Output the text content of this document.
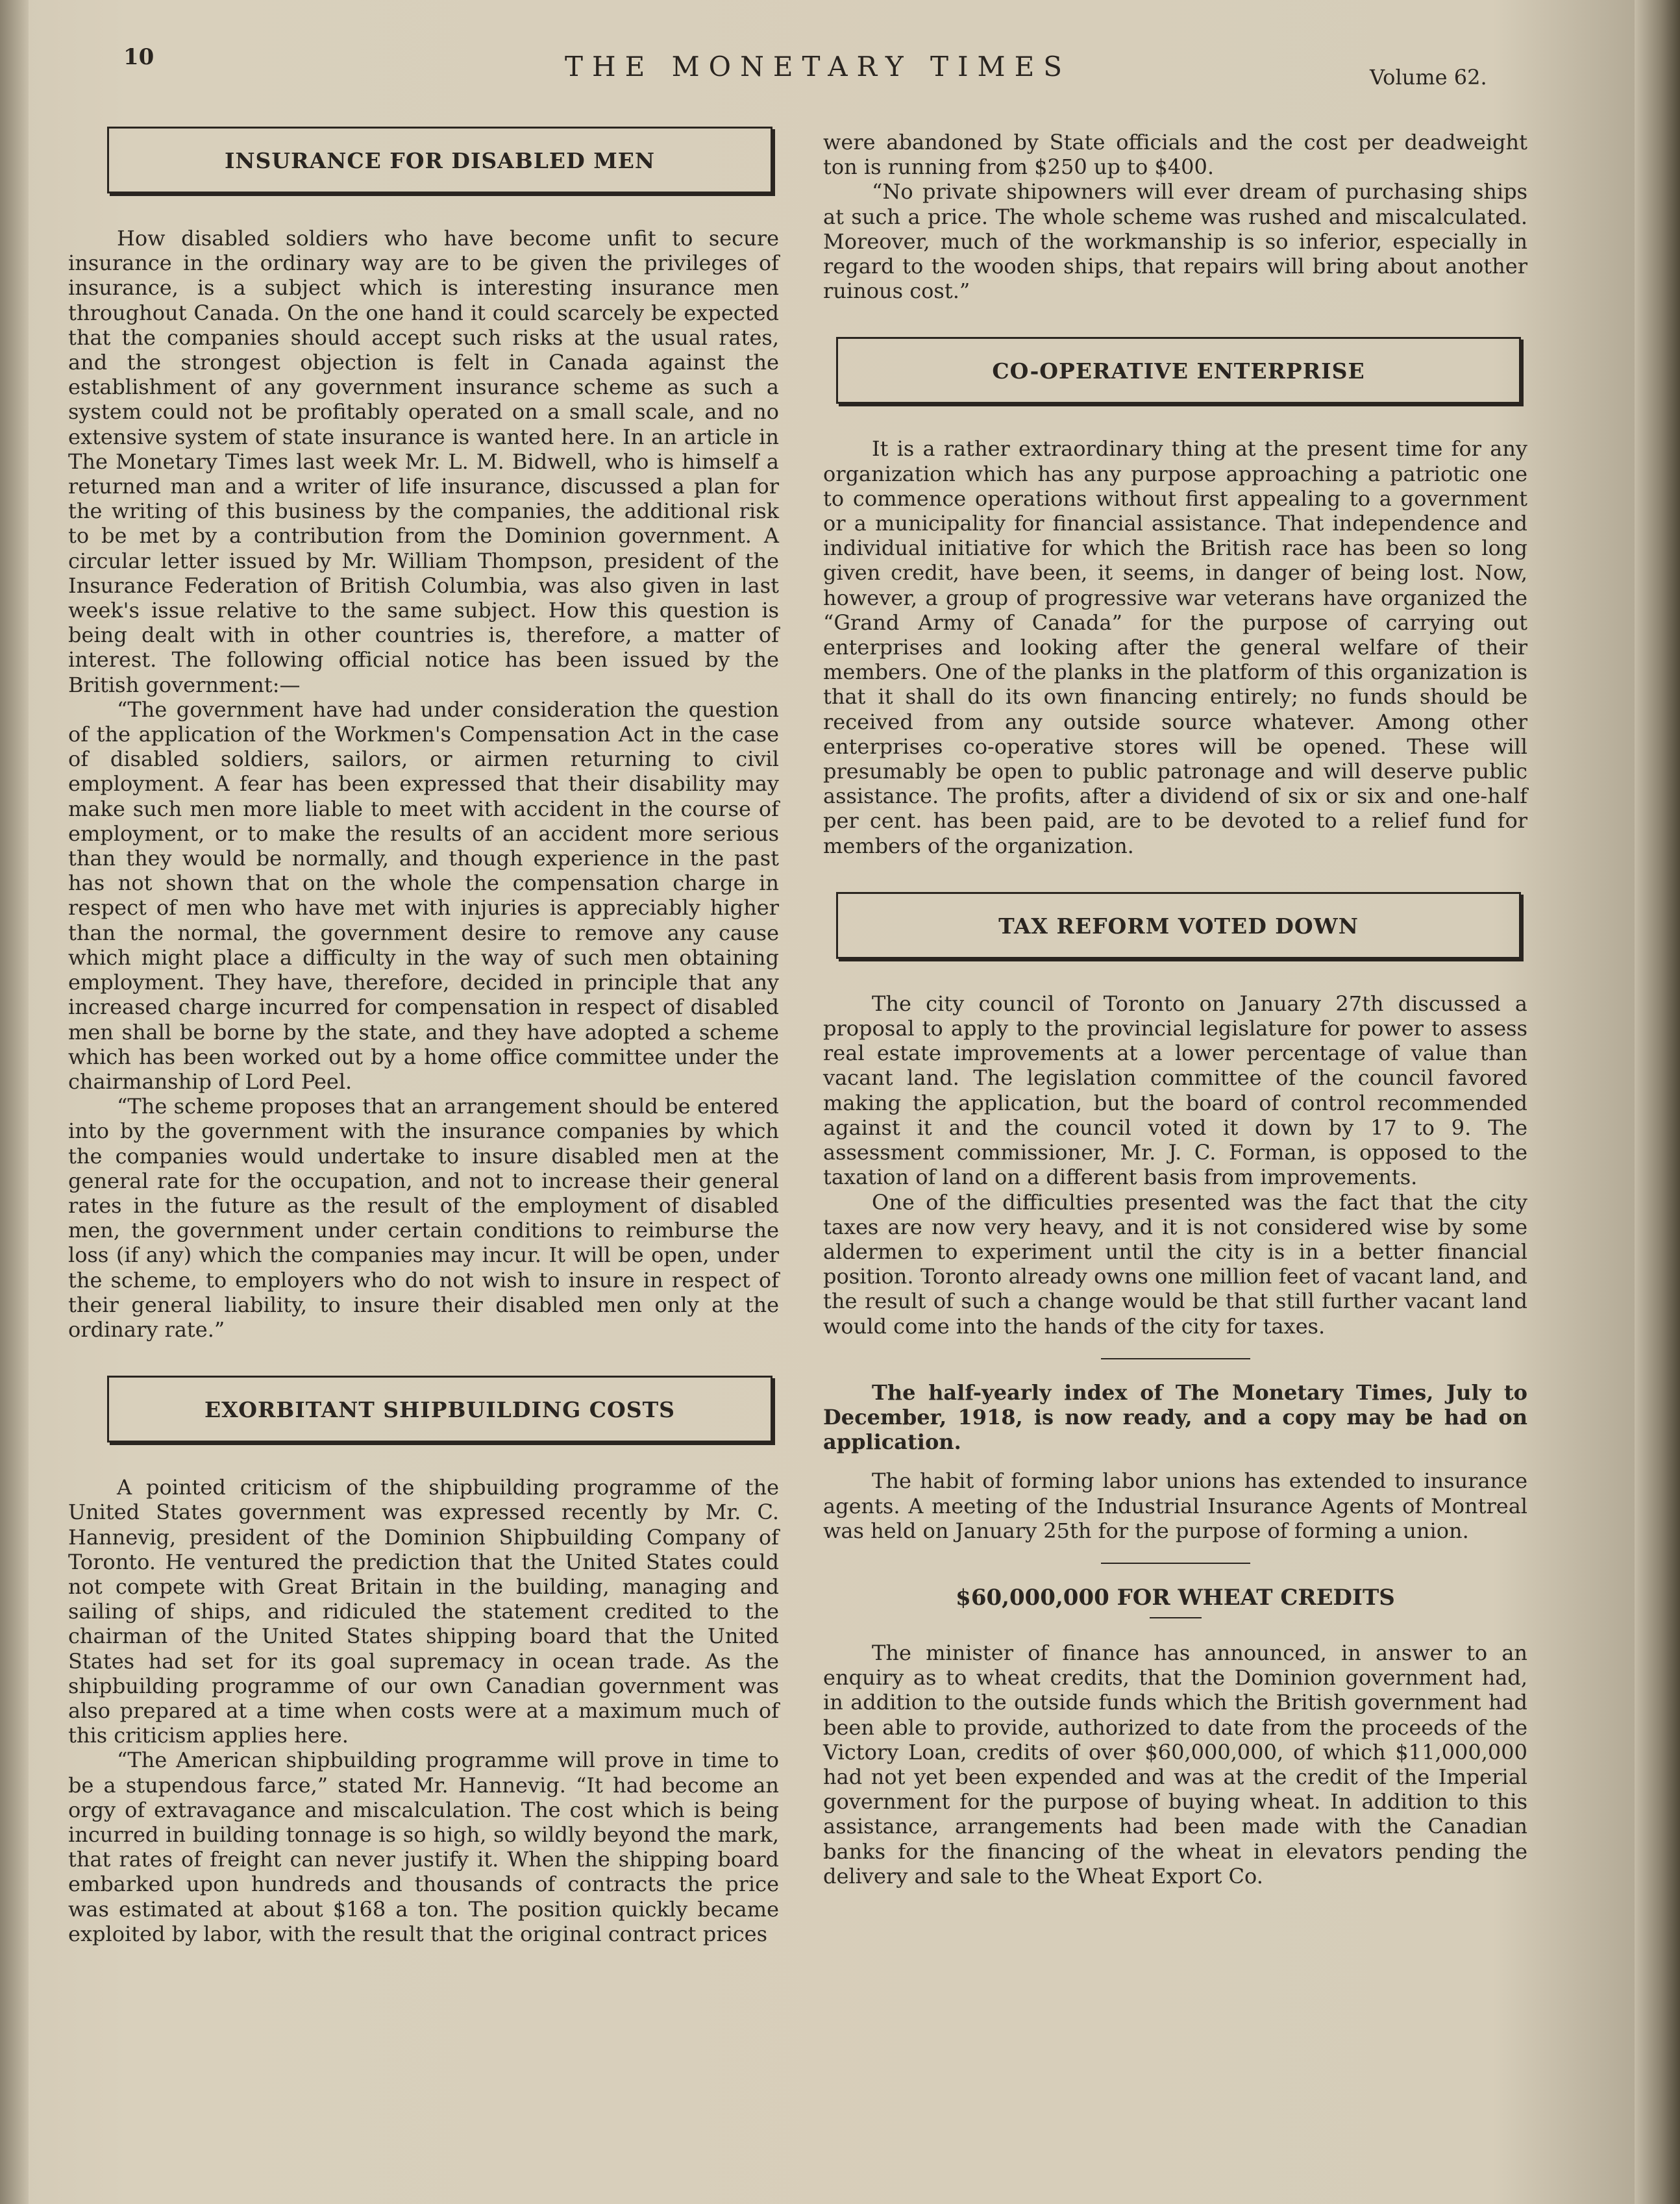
10	THE MONETARY TIMES	Volume 62.
INSURANCE FOR DISABLED MEN

How disabled soldiers who have become unfit to secure insurance in the ordinary way are to be given the privileges of insurance, is a subject which is interesting insurance men throughout Canada. On the one hand it could scarcely be expected that the companies should accept such risks at the usual rates, and the strongest objection is felt in Canada against the establishment of any government insurance scheme as such a system could not be profitably operated on a small scale, and no extensive system of state insurance is wanted here. In an article in The Monetary Times last week Mr. L. M. Bidwell, who is himself a returned man and a writer of life insurance, discussed a plan for the writing of this business by the companies, the additional risk to be met by a contribution from the Dominion government. A circular letter issued by Mr. William Thompson, president of the Insurance Federation of British Columbia, was also given in last week's issue relative to the same subject. How this question is being dealt with in other countries is, therefore, a matter of interest. The following official notice has been issued by the British government:—

“The government have had under consideration the question of the application of the Workmen's Compensation Act in the case of disabled soldiers, sailors, or airmen returning to civil employment. A fear has been expressed that their disability may make such men more liable to meet with accident in the course of employment, or to make the results of an accident more serious than they would be normally, and though experience in the past has not shown that on the whole the compensation charge in respect of men who have met with injuries is appreciably higher than the normal, the government desire to remove any cause which might place a difficulty in the way of such men obtaining employment. They have, therefore, decided in principle that any increased charge incurred for compensation in respect of disabled men shall be borne by the state, and they have adopted a scheme which has been worked out by a home office committee under the chairmanship of Lord Peel.

“The scheme proposes that an arrangement should be entered into by the government with the insurance companies by which the companies would undertake to insure disabled men at the general rate for the occupation, and not to increase their general rates in the future as the result of the employment of disabled men, the government under certain conditions to reimburse the loss (if any) which the companies may incur. It will be open, under the scheme, to employers who do not wish to insure in respect of their general liability, to insure their disabled men only at the ordinary rate.”

EXORBITANT SHIPBUILDING COSTS

A pointed criticism of the shipbuilding programme of the United States government was expressed recently by Mr. C. Hannevig, president of the Dominion Shipbuilding Company of Toronto. He ventured the prediction that the United States could not compete with Great Britain in the building, managing and sailing of ships, and ridiculed the statement credited to the chairman of the United States shipping board that the United States had set for its goal supremacy in ocean trade. As the shipbuilding programme of our own Canadian government was also prepared at a time when costs were at a maximum much of this criticism applies here.

“The American shipbuilding programme will prove in time to be a stupendous farce,” stated Mr. Hannevig. “It had become an orgy of extravagance and miscalculation. The cost which is being incurred in building tonnage is so high, so wildly beyond the mark, that rates of freight can never justify it. When the shipping board embarked upon hundreds and thousands of contracts the price was estimated at about $168 a ton. The position quickly became exploited by labor, with the result that the original contract prices

were abandoned by State officials and the cost per deadweight ton is running from $250 up to $400.

“No private shipowners will ever dream of purchasing ships at such a price. The whole scheme was rushed and miscalculated. Moreover, much of the workmanship is so inferior, especially in regard to the wooden ships, that repairs will bring about another ruinous cost.”

CO-OPERATIVE ENTERPRISE

It is a rather extraordinary thing at the present time for any organization which has any purpose approaching a patriotic one to commence operations without first appealing to a government or a municipality for financial assistance. That independence and individual initiative for which the British race has been so long given credit, have been, it seems, in danger of being lost. Now, however, a group of progressive war veterans have organized the “Grand Army of Canada” for the purpose of carrying out enterprises and looking after the general welfare of their members. One of the planks in the platform of this organization is that it shall do its own financing entirely; no funds should be received from any outside source whatever. Among other enterprises co-operative stores will be opened. These will presumably be open to public patronage and will deserve public assistance. The profits, after a dividend of six or six and one-half per cent. has been paid, are to be devoted to a relief fund for members of the organization.

TAX REFORM VOTED DOWN

The city council of Toronto on January 27th discussed a proposal to apply to the provincial legislature for power to assess real estate improvements at a lower percentage of value than vacant land. The legislation committee of the council favored making the application, but the board of control recommended against it and the council voted it down by 17 to 9. The assessment commissioner, Mr. J. C. Forman, is opposed to the taxation of land on a different basis from improvements.

One of the difficulties presented was the fact that the city taxes are now very heavy, and it is not considered wise by some aldermen to experiment until the city is in a better financial position. Toronto already owns one million feet of vacant land, and the result of such a change would be that still further vacant land would come into the hands of the city for taxes.

The half-yearly index of The Monetary Times, July to December, 1918, is now ready, and a copy may be had on application.

The habit of forming labor unions has extended to insurance agents. A meeting of the Industrial Insurance Agents of Montreal was held on January 25th for the purpose of forming a union.

$60,000,000 FOR WHEAT CREDITS

The minister of finance has announced, in answer to an enquiry as to wheat credits, that the Dominion government had, in addition to the outside funds which the British government had been able to provide, authorized to date from the proceeds of the Victory Loan, credits of over $60,000,000, of which $11,000,000 had not yet been expended and was at the credit of the Imperial government for the purpose of buying wheat. In addition to this assistance, arrangements had been made with the Canadian banks for the financing of the wheat in elevators pending the delivery and sale to the Wheat Export Co.
